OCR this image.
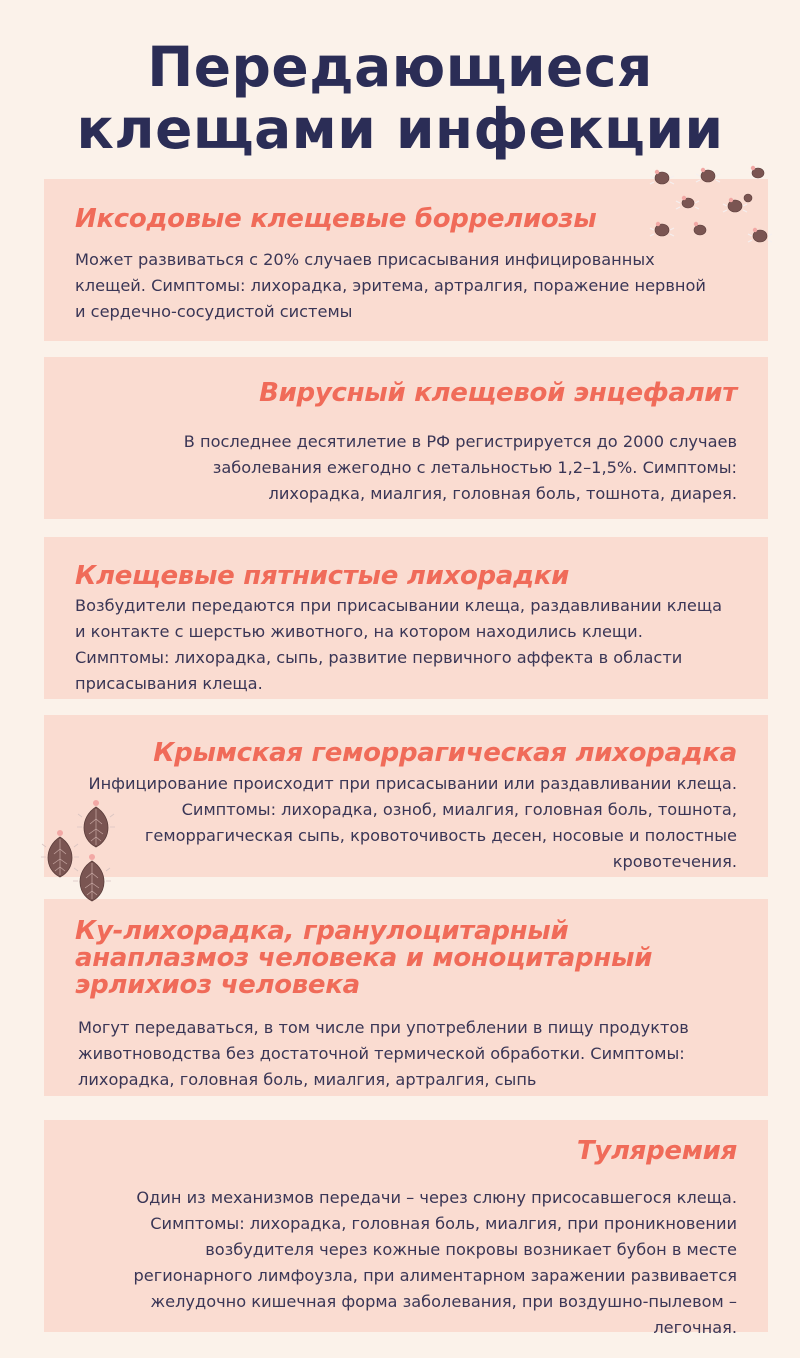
Передающиеся
клещами инфекции
Иксодовые клещевые боррелиозы

Может развиваться с 20% случаев присасывания инфицированных клещей. Симптомы: лихорадка, эритема, артралгия, поражение нервной и сердечно-сосудистой системы

Вирусный клещевой энцефалит

В последнее десятилетие в РФ регистрируется до 2000 случаев заболевания ежегодно с летальностью 1,2–1,5%. Симптомы: лихорадка, миалгия, головная боль, тошнота, диарея.

Клещевые пятнистые лихорадки

Возбудители передаются при присасывании клеща, раздавливании клеща и контакте с шерстью животного, на котором находились клещи. Симптомы: лихорадка, сыпь, развитие первичного аффекта в области присасывания клеща.

Крымская геморрагическая лихорадка

Инфицирование происходит при присасывании или раздавливании клеща. Симптомы: лихорадка, озноб, миалгия, головная боль, тошнота, геморрагическая сыпь, кровоточивость десен, носовые и полостные кровотечения.

Ку-лихорадка, гранулоцитарный анаплазмоз человека и моноцитарный эрлихиоз человека

Могут передаваться, в том числе при употреблении в пищу продуктов животноводства без достаточной термической обработки. Симптомы: лихорадка, головная боль, миалгия, артралгия, сыпь

Туляремия

Один из механизмов передачи – через слюну присосавшегося клеща. Симптомы: лихорадка, головная боль, миалгия, при проникновении возбудителя через кожные покровы возникает бубон в месте регионарного лимфоузла, при алиментарном заражении развивается желудочно кишечная форма заболевания, при воздушно-пылевом – легочная.
